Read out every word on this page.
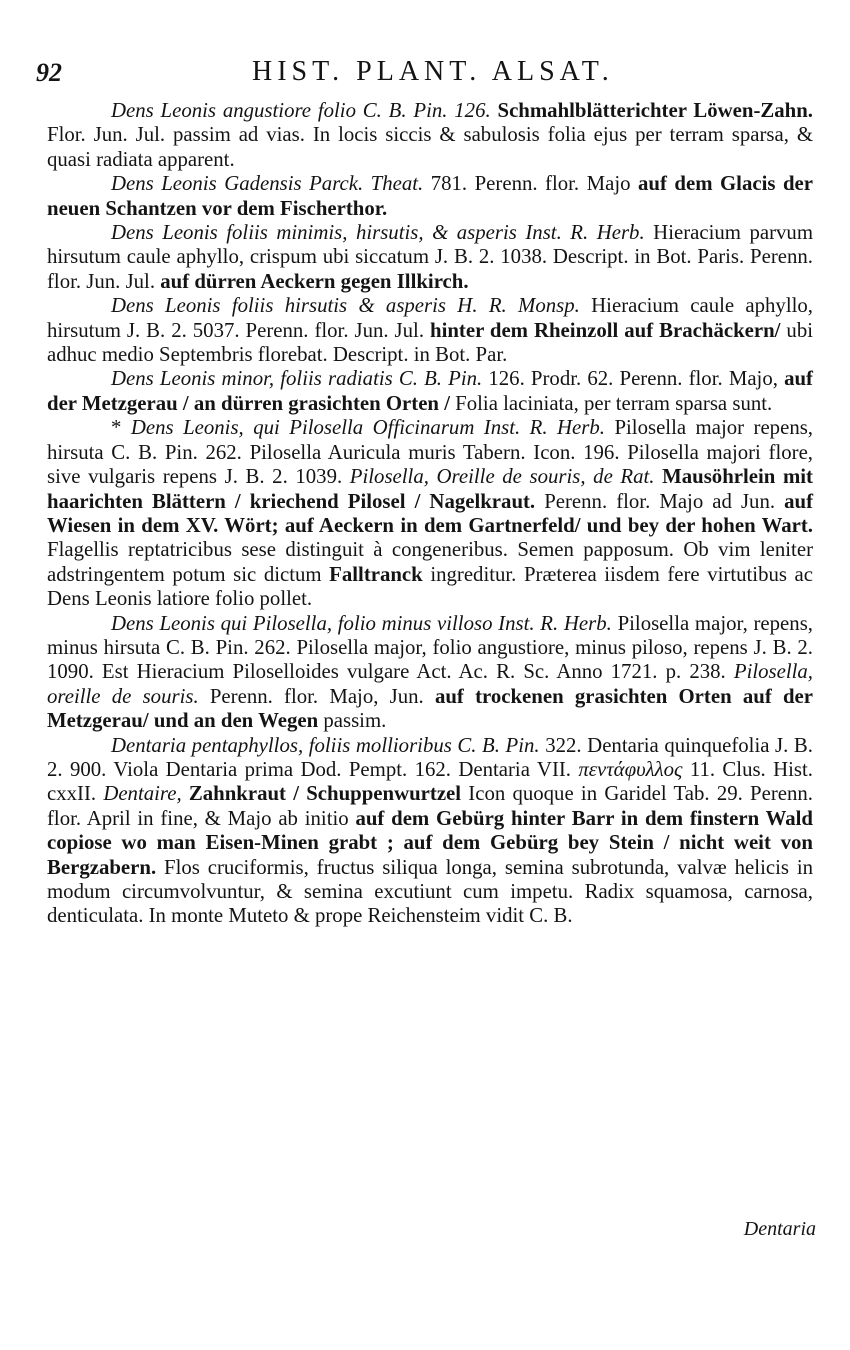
92	HIST. PLANT. ALSAT.

Dens Leonis angustiore folio C. B. Pin. 126. Schmahlblätterichter Löwen-Zahn. Flor. Jun. Jul. passim ad vias. In locis siccis & sabulosis folia ejus per terram sparsa, & quasi radiata apparent.

Dens Leonis Gadensis Parck. Theat. 781. Perenn. flor. Majo auf dem Glacis der neuen Schantzen vor dem Fischerthor.

Dens Leonis foliis minimis, hirsutis, & asperis Inst. R. Herb. Hieracium parvum hirsutum caule aphyllo, crispum ubi siccatum J. B. 2. 1038. Descript. in Bot. Paris. Perenn. flor. Jun. Jul. auf dürren Aeckern gegen Illkirch.

Dens Leonis foliis hirsutis & asperis H. R. Monsp. Hieracium caule aphyllo, hirsutum J. B. 2. 5037. Perenn. flor. Jun. Jul. hinter dem Rheinzoll auf Brachäckern/ ubi adhuc medio Septembris florebat. Descript. in Bot. Par.

Dens Leonis minor, foliis radiatis C. B. Pin. 126. Prodr. 62. Perenn. flor. Majo, auf der Metzgerau / an dürren grasichten Orten / Folia laciniata, per terram sparsa sunt.

* Dens Leonis, qui Pilosella Officinarum Inst. R. Herb. Pilosella major repens, hirsuta C. B. Pin. 262. Pilosella Auricula muris Tabern. Icon. 196. Pilosella majori flore, sive vulgaris repens J. B. 2. 1039. Pilosella, Oreille de souris, de Rat. Mausöhrlein mit haarichten Blättern / kriechend Pilosel / Nagelkraut. Perenn. flor. Majo ad Jun. auf Wiesen in dem XV. Wört; auf Aeckern in dem Gartnerfeld/ und bey der hohen Wart. Flagellis reptatricibus sese distinguit à congeneribus. Semen papposum. Ob vim leniter adstringentem potum sic dictum Falltranck ingreditur. Præterea iisdem fere virtutibus ac Dens Leonis latiore folio pollet.

Dens Leonis qui Pilosella, folio minus villoso Inst. R. Herb. Pilosella major, repens, minus hirsuta C. B. Pin. 262. Pilosella major, folio angustiore, minus piloso, repens J. B. 2. 1090. Est Hieracium Piloselloides vulgare Act. Ac. R. Sc. Anno 1721. p. 238. Pilosella, oreille de souris. Perenn. flor. Majo, Jun. auf trockenen grasichten Orten auf der Metzgerau/ und an den Wegen passim.

Dentaria pentaphyllos, foliis mollioribus C. B. Pin. 322. Dentaria quinquefolia J. B. 2. 900. Viola Dentaria prima Dod. Pempt. 162. Dentaria VII. πεντάφυλλος 11. Clus. Hist. cxxII. Dentaire, Zahnkraut / Schuppenwurtzel Icon quoque in Garidel Tab. 29. Perenn. flor. April in fine, & Majo ab initio auf dem Gebürg hinter Barr in dem finstern Wald copiose wo man Eisen-Minen grabt ; auf dem Gebürg bey Stein / nicht weit von Bergzabern. Flos cruciformis, fructus siliqua longa, semina subrotunda, valvæ helicis in modum circumvolvuntur, & semina excutiunt cum impetu. Radix squamosa, carnosa, denticulata. In monte Muteto & prope Reichensteim vidit C. B.

Dentaria
